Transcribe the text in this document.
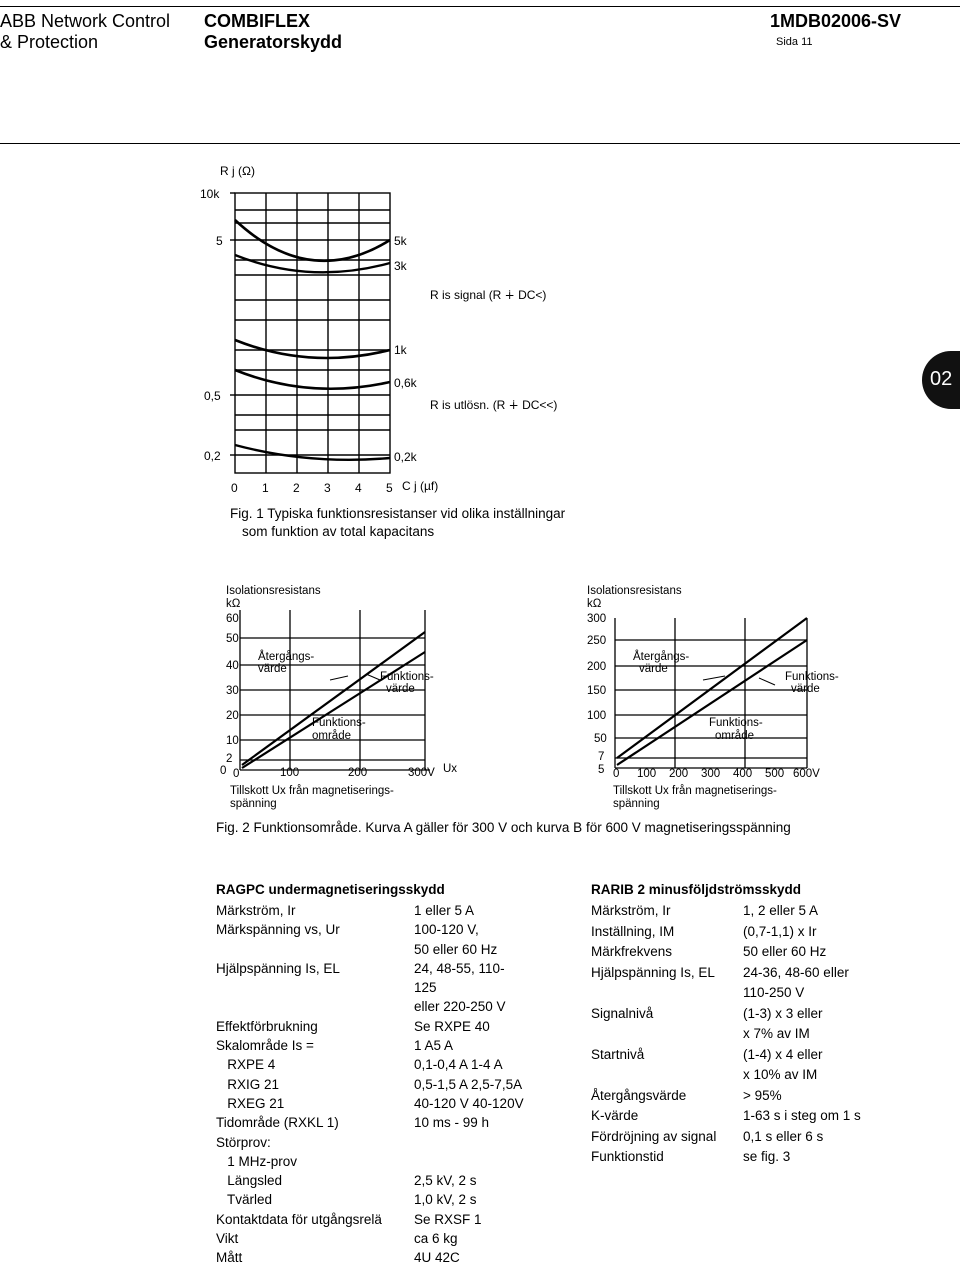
ABB Network Control
& Protection
COMBIFLEX
Generatorskydd
1MDB02006-SV
Sida 11
02
R j (Ω)
10k
5
0,5
0,2
0 1 2 3 4 5 C j (µf)
5k
3k
1k
0,6k
0,2k
R is signal (R ∔ DC<)
R is utlösn. (R ∔ DC<<)
Fig. 1 Typiska funktionsresistanser vid olika inställningar
som funktion av total kapacitans
Isolationsresistans
kΩ
60
50
40
30
20
10
2
0 0	100	200	300V Ux
Återgångs-
värde
Funktions-
värde
Funktions-
område
Tillskott Ux från magnetiserings-
spänning
Isolationsresistans
kΩ
300
250
200
150
100
50
7
5 0 100 200 300 400 500 600V
Återgångs-
värde
Funktions-
värde
Funktions-
område
Tillskott Ux från magnetiserings-
spänning
Fig. 2 Funktionsområde. Kurva A gäller för 300 V och kurva B för 600 V magnetiseringsspänning
RAGPC undermagnetiseringsskydd
Märkström, Ir	1 eller 5 A
Märkspänning vs, Ur	100-120 V,
50 eller 60 Hz
Hjälpspänning Is, EL	24, 48-55, 110-
125
eller 220-250 V
Effektförbrukning	Se RXPE 40
Skalområde Is =	1 A5 A
RXPE 4	0,1-0,4 A 1-4 A
RXIG 21	0,5-1,5 A 2,5-7,5A
RXEG 21	40-120 V 40-120V
Tidområde (RXKL 1)	10 ms - 99 h
Störprov:
1 MHz-prov
Längsled	2,5 kV, 2 s
Tvärled	1,0 kV, 2 s
Kontaktdata för utgångsrelä	Se RXSF 1
Vikt	ca 6 kg
Mått	4U 42C
RARIB 2 minusföljdströmsskydd
Märkström, Ir	1, 2 eller 5 A
Inställning, IM	(0,7-1,1) x Ir
Märkfrekvens	50 eller 60 Hz
Hjälpspänning Is, EL	24-36, 48-60 eller
110-250 V
Signalnivå	(1-3) x 3 eller
x 7% av IM
Startnivå	(1-4) x 4 eller
x 10% av IM
Återgångsvärde	> 95%
K-värde	1-63 s i steg om 1 s
Fördröjning av signal	0,1 s eller 6 s
Funktionstid	se fig. 3
